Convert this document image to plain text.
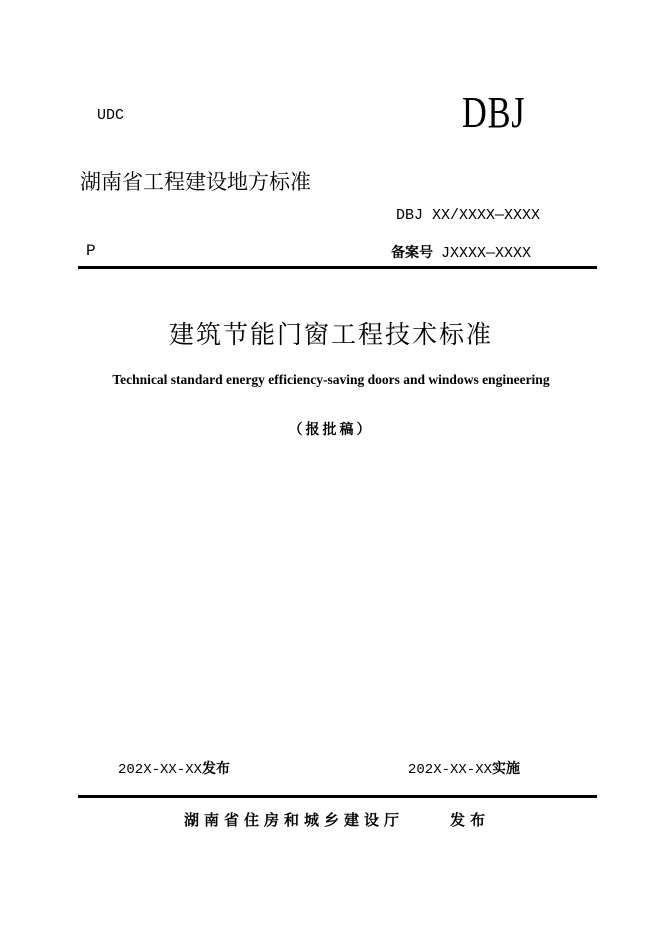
UDC	DBJ
湖南省工程建设地方标准
DBJ XX/XXXX—XXXX
P	备案号 JXXXX—XXXX
建筑节能门窗工程技术标准
Technical standard energy efficiency-saving doors and windows engineering
（报批稿）
202X-XX-XX发布	202X-XX-XX实施
湖南省住房和城乡建设厅	发布
